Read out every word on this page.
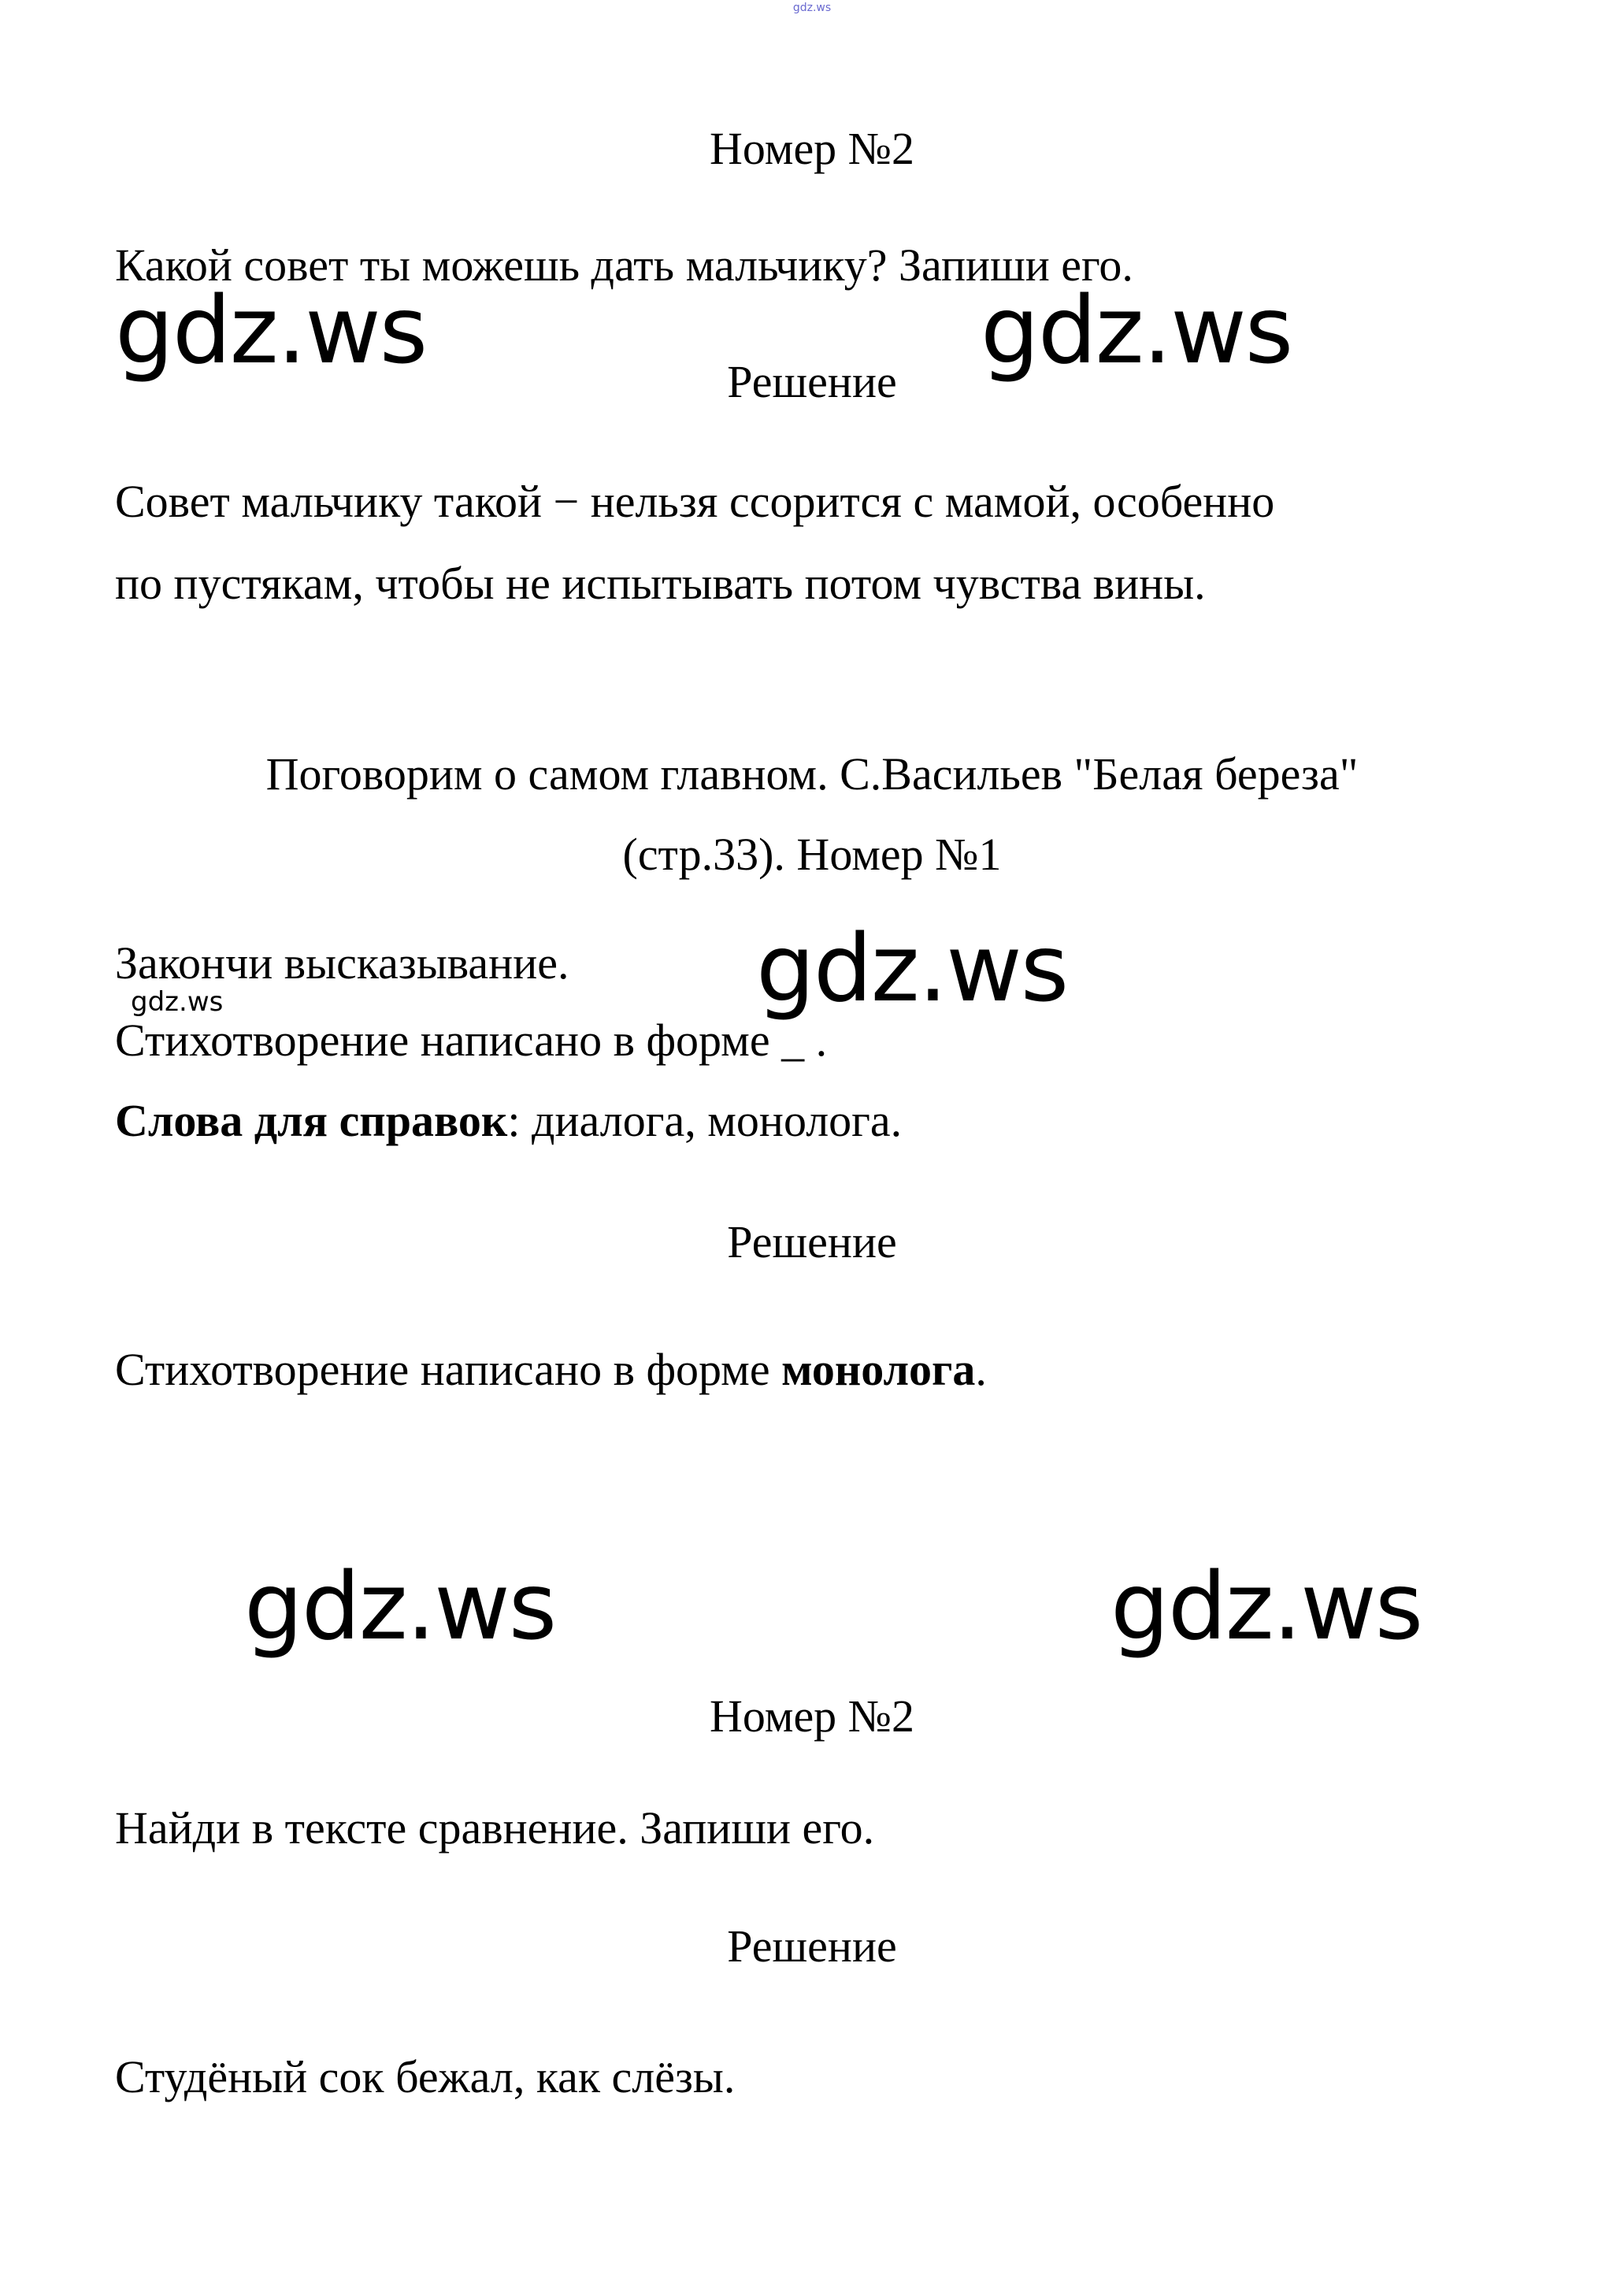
gdz.ws
Номер №2
Какой совет ты можешь дать мальчику? Запиши его.
gdz.ws	gdz.ws
Решение
Совет мальчику такой − нельзя ссорится с мамой, особенно
по пустякам, чтобы не испытывать потом чувства вины.
Поговорим о самом главном. С.Васильев "Белая береза"
(стр.33). Номер №1
Закончи высказывание. gdz.ws
gdz.ws
Стихотворение написано в форме _ .
Слова для справок: диалога, монолога.
Решение
Стихотворение написано в форме монолога.
gdz.ws	gdz.ws
Номер №2
Найди в тексте сравнение. Запиши его.
Решение
Студёный сок бежал, как слёзы.
